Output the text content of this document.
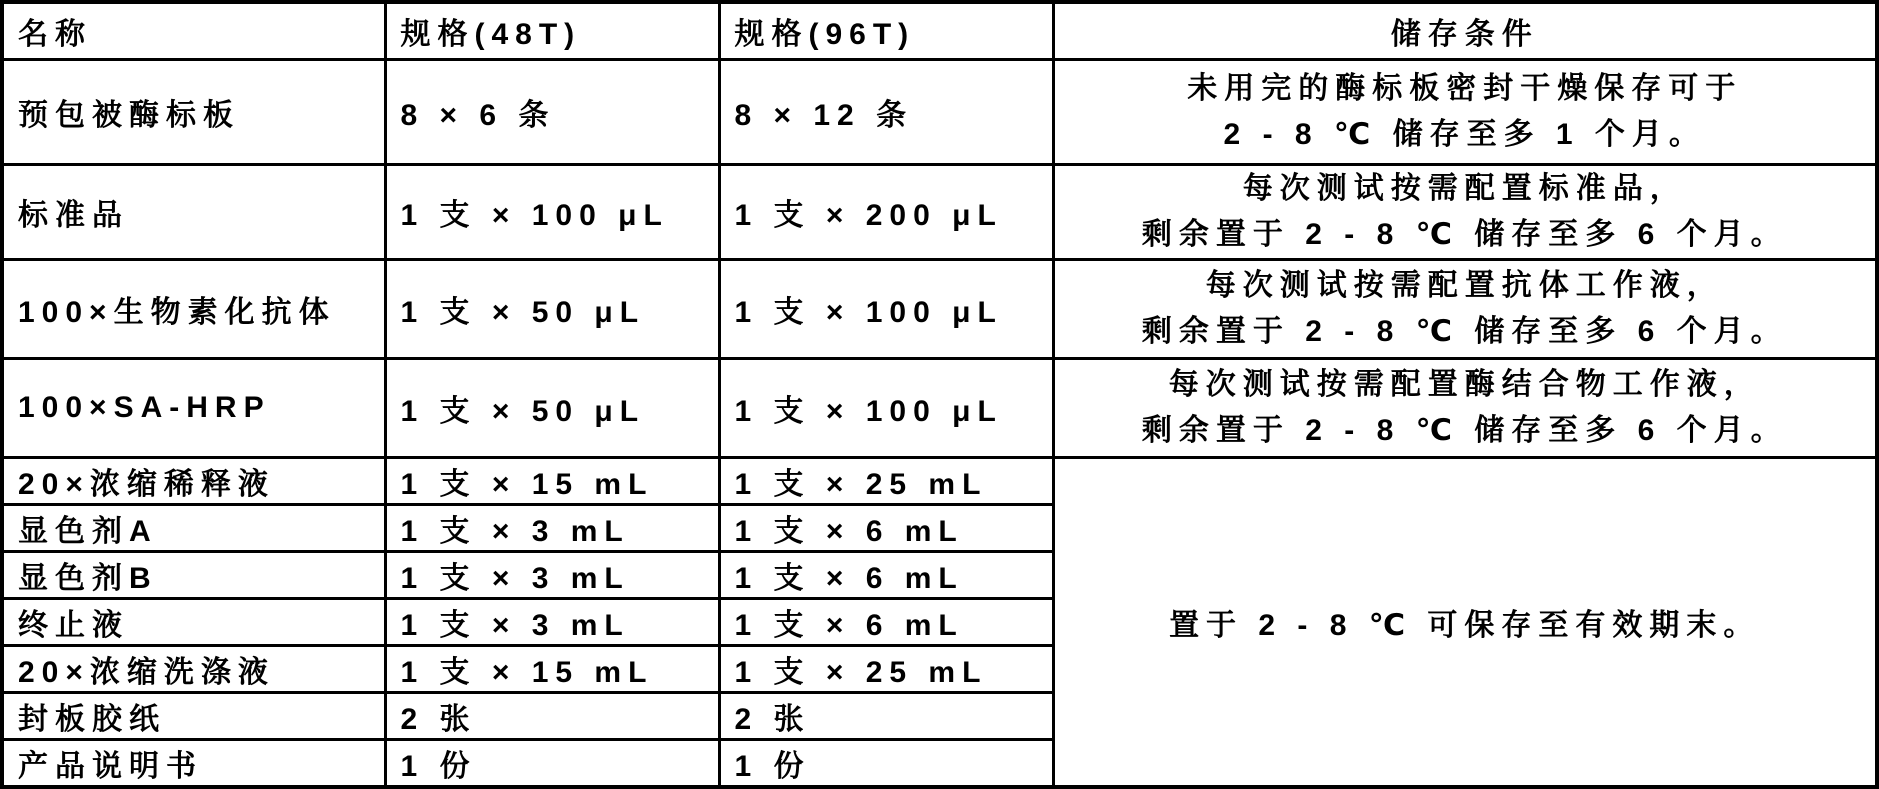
名称	规格(48T)	规格(96T)	储存条件
预包被酶标板	8 × 6 条	8 × 12 条	未用完的酶标板密封干燥保存可于
2 - 8 ℃ 储存至多 1 个月。

标准品	1 支 × 100 μL	1 支 × 200 μL	每次测试按需配置标准品，
剩余置于 2 - 8 ℃ 储存至多 6 个月。

100×生物素化抗体	1 支 × 50 μL	1 支 × 100 μL	每次测试按需配置抗体工作液，
剩余置于 2 - 8 ℃ 储存至多 6 个月。

100×SA-HRP	1 支 × 50 μL	1 支 × 100 μL	每次测试按需配置酶结合物工作液，
剩余置于 2 - 8 ℃ 储存至多 6 个月。

20×浓缩稀释液	1 支 × 15 mL	1 支 × 25 mL	置于 2 - 8 ℃ 可保存至有效期末。
显色剂A	1 支 × 3 mL	1 支 × 6 mL	
显色剂B	1 支 × 3 mL	1 支 × 6 mL	
终止液	1 支 × 3 mL	1 支 × 6 mL	
20×浓缩洗涤液	1 支 × 15 mL	1 支 × 25 mL	
封板胶纸	2 张	2 张	
产品说明书	1 份	1 份	
